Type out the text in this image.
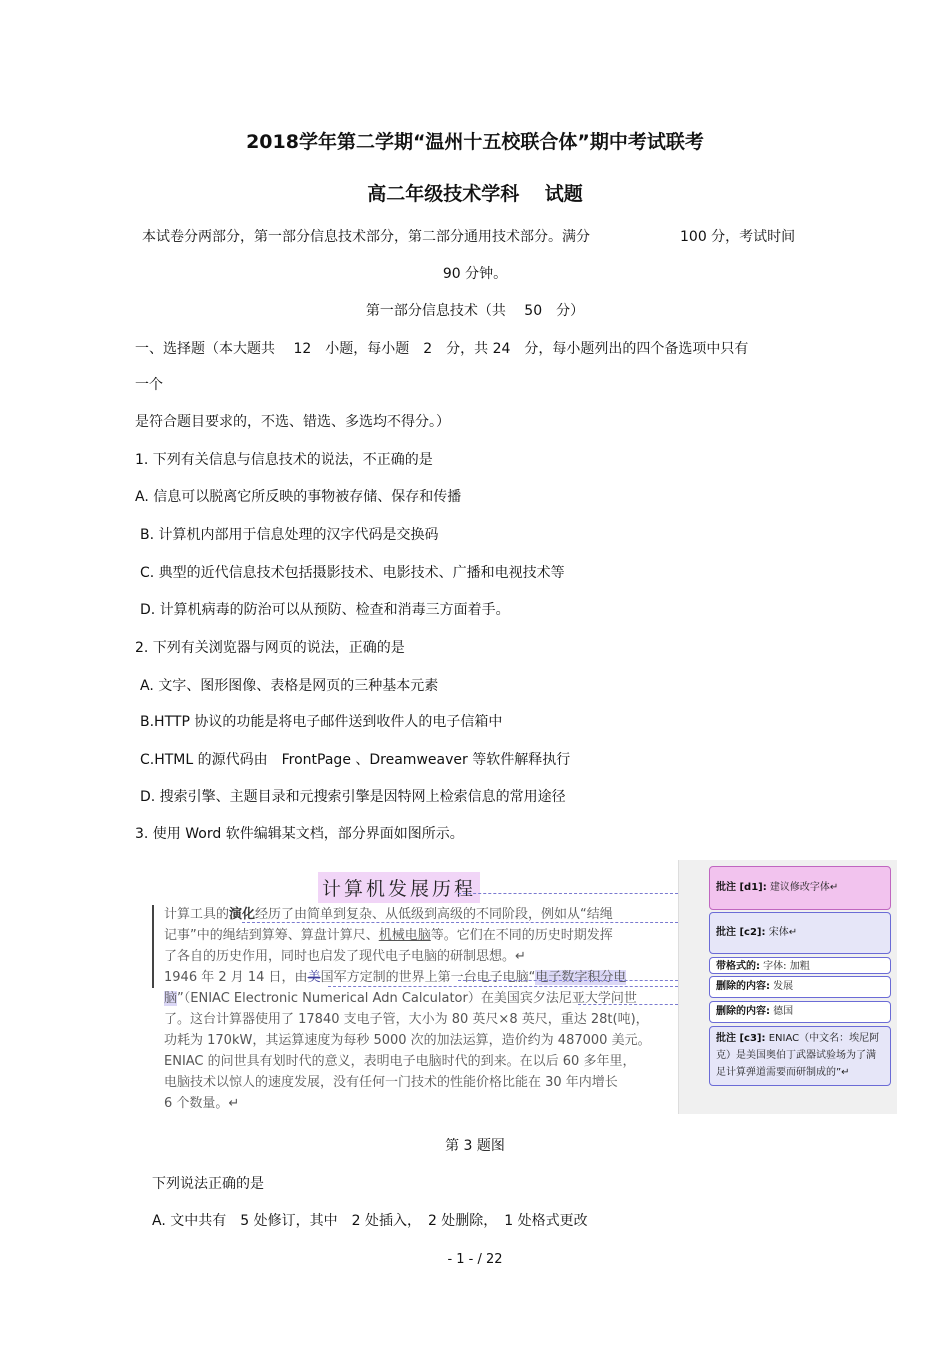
2018学年第二学期“温州十五校联合体”期中考试联考
高二年级技术学科　 试题
本试卷分两部分，第一部分信息技术部分，第二部分通用技术部分。满分	100 分，考试时间
90 分钟。
第一部分信息技术（共　 50　分）
一、选择题（本大题共　 12　小题，每小题　2　分，共 24　分，每小题列出的四个备选项中只有
一个
是符合题目要求的，不选、错选、多选均不得分。）
1. 下列有关信息与信息技术的说法，不正确的是
A. 信息可以脱离它所反映的事物被存储、保存和传播
B. 计算机内部用于信息处理的汉字代码是交换码
C. 典型的近代信息技术包括摄影技术、电影技术、广播和电视技术等
D. 计算机病毒的防治可以从预防、检查和消毒三方面着手。
2. 下列有关浏览器与网页的说法，正确的是
A. 文字、图形图像、表格是网页的三种基本元素
B.HTTP 协议的功能是将电子邮件送到收件人的电子信箱中
C.HTML 的源代码由　FrontPage 、Dreamweaver 等软件解释执行
D. 搜索引擎、主题目录和元搜索引擎是因特网上检索信息的常用途径
3. 使用 Word 软件编辑某文档，部分界面如图所示。
计算机发展历程
计算工具的演化经历了由简单到复杂、从低级到高级的不同阶段，例如从“结绳
记事”中的绳结到算筹、算盘计算尺、机械电脑等。它们在不同的历史时期发挥
了各自的历史作用，同时也启发了现代电子电脑的研制思想。↵
1946 年 2 月 14 日，由美国军方定制的世界上第一台电子电脑“电子数字积分电
脑”（ENIAC Electronic Numerical Adn Calculator）在美国宾夕法尼亚大学问世
了。这台计算器使用了 17840 支电子管，大小为 80 英尺×8 英尺，重达 28t(吨)，
功耗为 170kW，其运算速度为每秒 5000 次的加法运算，造价约为 487000 美元。
ENIAC 的问世具有划时代的意义，表明电子电脑时代的到来。在以后 60 多年里，
电脑技术以惊人的速度发展，没有任何一门技术的性能价格比能在 30 年内增长
6 个数量。↵
批注 [d1]: 建议修改字体↵
批注 [c2]: 宋体↵
带格式的: 字体: 加粗
删除的内容: 发展
删除的内容: 德国
批注 [c3]: ENIAC（中文名：埃尼阿
克）是美国奥伯丁武器试验场为了满
足计算弹道需要而研制成的”↵
第 3 题图
下列说法正确的是
A. 文中共有　5 处修订，其中　2 处插入，　2 处删除，　1 处格式更改
- 1 - / 22
